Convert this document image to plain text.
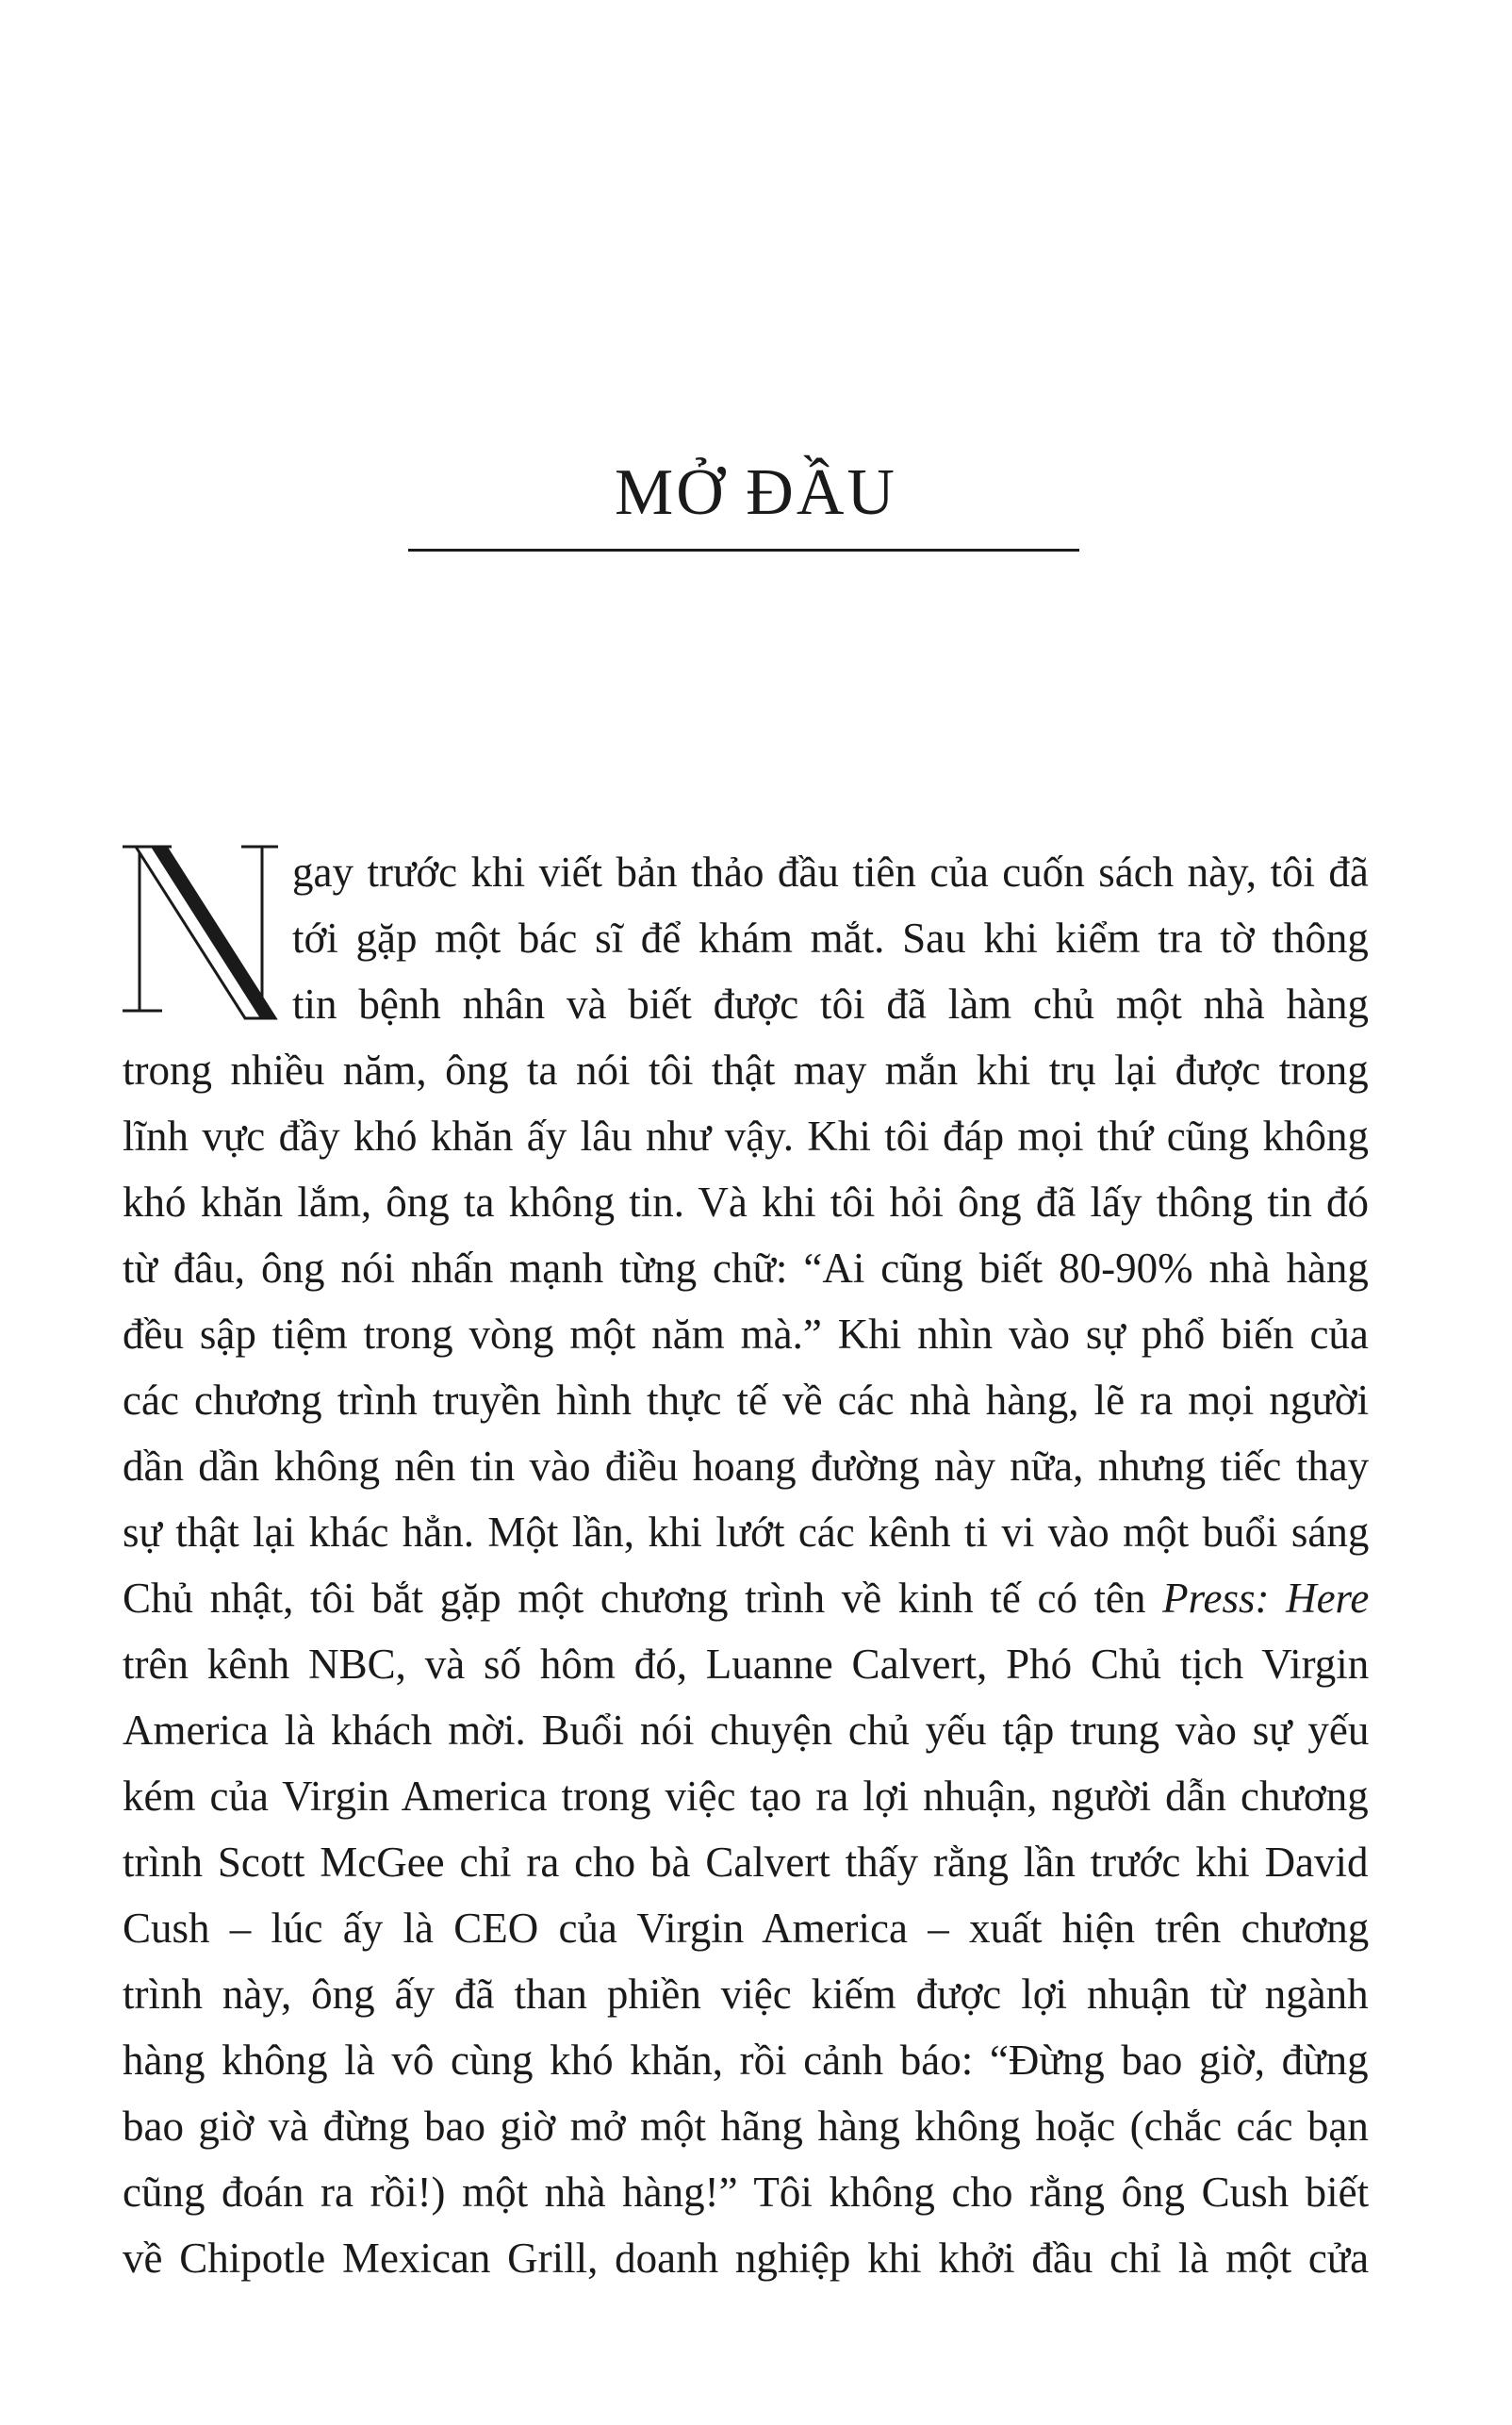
MỞ ĐẦU
gay trước khi viết bản thảo đầu tiên của cuốn sách này, tôi đã
tới gặp một bác sĩ để khám mắt. Sau khi kiểm tra tờ thông
tin bệnh nhân và biết được tôi đã làm chủ một nhà hàng
trong nhiều năm, ông ta nói tôi thật may mắn khi trụ lại được trong
lĩnh vực đầy khó khăn ấy lâu như vậy. Khi tôi đáp mọi thứ cũng không
khó khăn lắm, ông ta không tin. Và khi tôi hỏi ông đã lấy thông tin đó
từ đâu, ông nói nhấn mạnh từng chữ: “Ai cũng biết 80-90% nhà hàng
đều sập tiệm trong vòng một năm mà.” Khi nhìn vào sự phổ biến của
các chương trình truyền hình thực tế về các nhà hàng, lẽ ra mọi người
dần dần không nên tin vào điều hoang đường này nữa, nhưng tiếc thay
sự thật lại khác hẳn. Một lần, khi lướt các kênh ti vi vào một buổi sáng
Chủ nhật, tôi bắt gặp một chương trình về kinh tế có tên Press: Here
trên kênh NBC, và số hôm đó, Luanne Calvert, Phó Chủ tịch Virgin
America là khách mời. Buổi nói chuyện chủ yếu tập trung vào sự yếu
kém của Virgin America trong việc tạo ra lợi nhuận, người dẫn chương
trình Scott McGee chỉ ra cho bà Calvert thấy rằng lần trước khi David
Cush – lúc ấy là CEO của Virgin America – xuất hiện trên chương
trình này, ông ấy đã than phiền việc kiếm được lợi nhuận từ ngành
hàng không là vô cùng khó khăn, rồi cảnh báo: “Đừng bao giờ, đừng
bao giờ và đừng bao giờ mở một hãng hàng không hoặc (chắc các bạn
cũng đoán ra rồi!) một nhà hàng!” Tôi không cho rằng ông Cush biết
về Chipotle Mexican Grill, doanh nghiệp khi khởi đầu chỉ là một cửa
